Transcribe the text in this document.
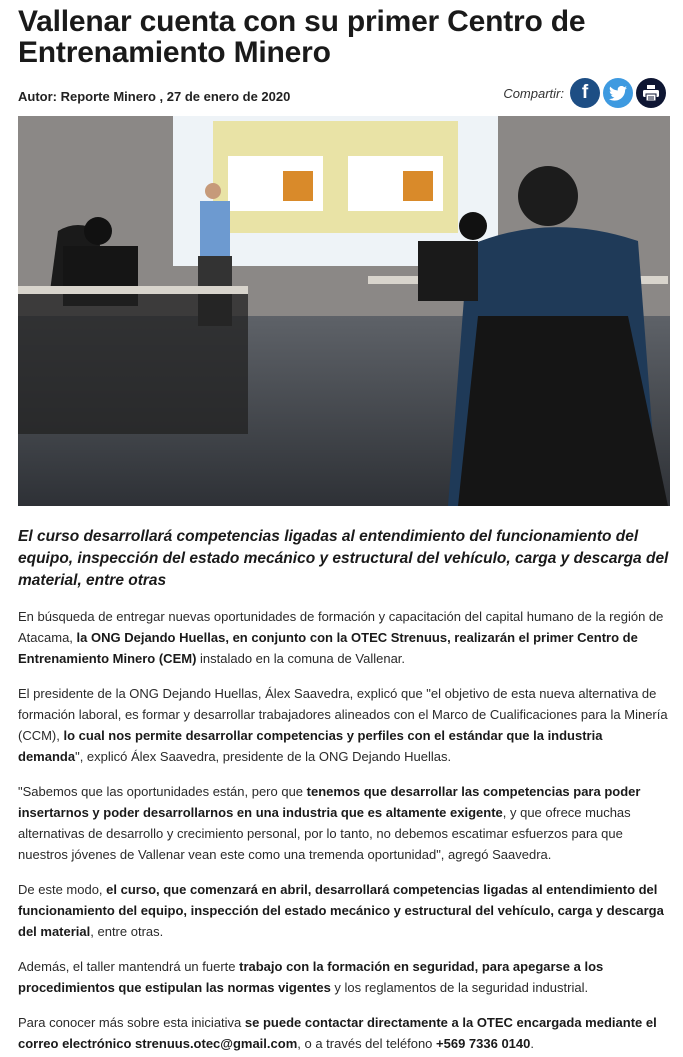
Vallenar cuenta con su primer Centro de Entrenamiento Minero
Autor: Reporte Minero , 27 de enero de 2020	Compartir: f

El curso desarrollará competencias ligadas al entendimiento del funcionamiento del equipo, inspección del estado mecánico y estructural del vehículo, carga y descarga del material, entre otras

En búsqueda de entregar nuevas oportunidades de formación y capacitación del capital humano de la región de Atacama, la ONG Dejando Huellas, en conjunto con la OTEC Strenuus, realizarán el primer Centro de Entrenamiento Minero (CEM) instalado en la comuna de Vallenar.

El presidente de la ONG Dejando Huellas, Álex Saavedra, explicó que "el objetivo de esta nueva alternativa de formación laboral, es formar y desarrollar trabajadores alineados con el Marco de Cualificaciones para la Minería (CCM), lo cual nos permite desarrollar competencias y perfiles con el estándar que la industria demanda", explicó Álex Saavedra, presidente de la ONG Dejando Huellas.

"Sabemos que las oportunidades están, pero que tenemos que desarrollar las competencias para poder insertarnos y poder desarrollarnos en una industria que es altamente exigente, y que ofrece muchas alternativas de desarrollo y crecimiento personal, por lo tanto, no debemos escatimar esfuerzos para que nuestros jóvenes de Vallenar vean este como una tremenda oportunidad", agregó Saavedra.

De este modo, el curso, que comenzará en abril, desarrollará competencias ligadas al entendimiento del funcionamiento del equipo, inspección del estado mecánico y estructural del vehículo, carga y descarga del material, entre otras.

Además, el taller mantendrá un fuerte trabajo con la formación en seguridad, para apegarse a los procedimientos que estipulan las normas vigentes y los reglamentos de la seguridad industrial.

Para conocer más sobre esta iniciativa se puede contactar directamente a la OTEC encargada mediante el correo electrónico strenuus.otec@gmail.com, o a través del teléfono +569 7336 0140.
